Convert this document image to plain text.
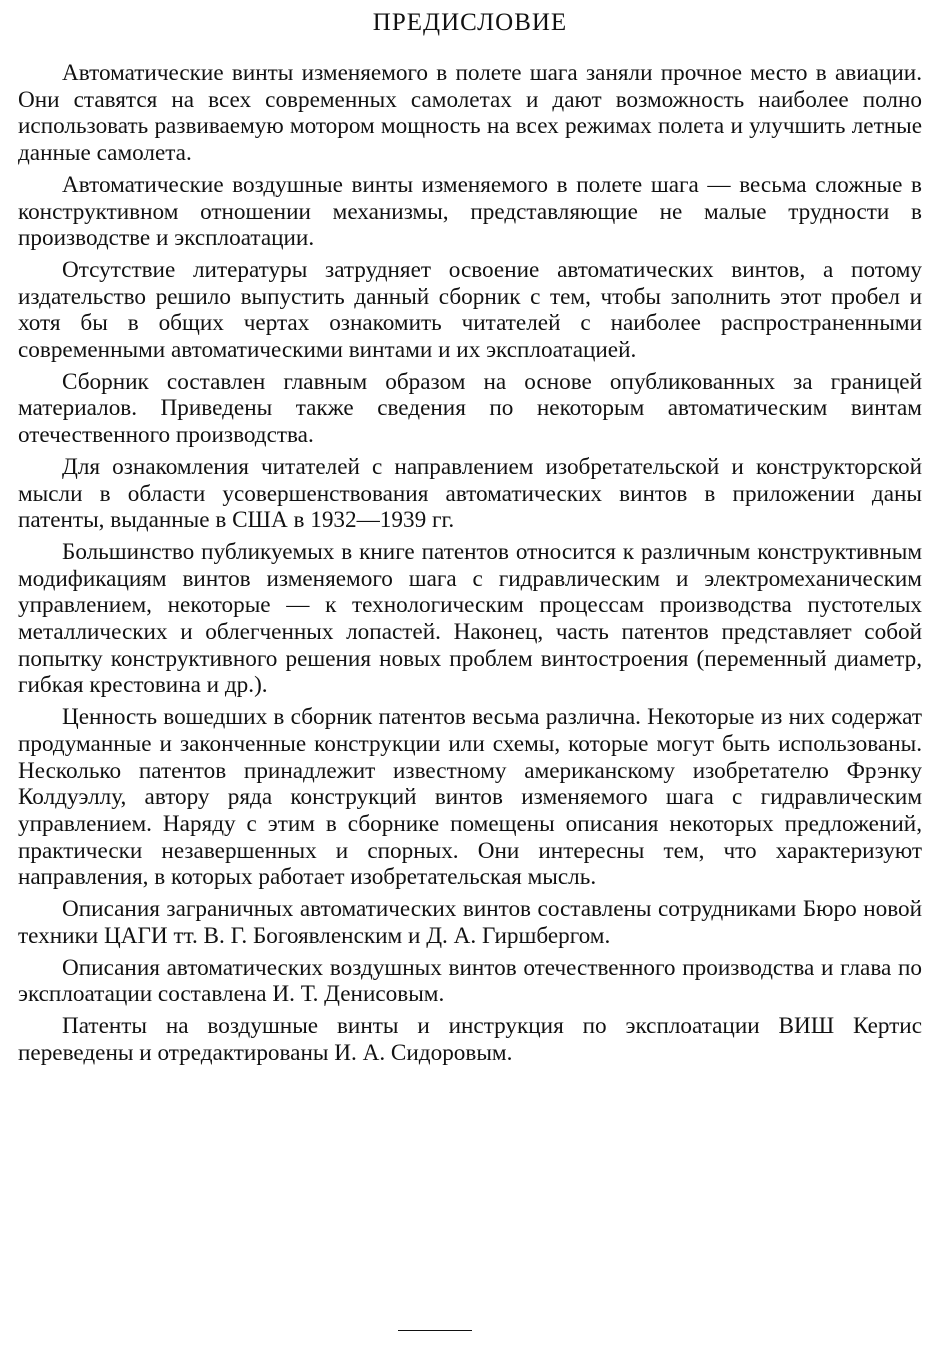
ПРЕДИСЛОВИЕ

Автоматические винты изменяемого в полете шага заняли прочное место в авиации. Они ставятся на всех современных самолетах и дают возможность наиболее полно использовать развиваемую мотором мощность на всех режимах полета и улучшить летные данные самолета.

Автоматические воздушные винты изменяемого в полете шага — весьма сложные в конструктивном отношении механизмы, представляющие не малые трудности в производстве и эксплоатации.

Отсутствие литературы затрудняет освоение автоматических винтов, а потому издательство решило выпустить данный сборник с тем, чтобы заполнить этот пробел и хотя бы в общих чертах ознакомить читателей с наиболее распространенными современными автоматическими винтами и их эксплоатацией.

Сборник составлен главным образом на основе опубликованных за границей материалов. Приведены также сведения по некоторым автоматическим винтам отечественного производства.

Для ознакомления читателей с направлением изобретательской и конструкторской мысли в области усовершенствования автоматических винтов в приложении даны патенты, выданные в США в 1932—1939 гг.

Большинство публикуемых в книге патентов относится к различным конструктивным модификациям винтов изменяемого шага с гидравлическим и электромеханическим управлением, некоторые — к технологическим процессам производства пустотелых металлических и облегченных лопастей. Наконец, часть патентов представляет собой попытку конструктивного решения новых проблем винтостроения (переменный диаметр, гибкая крестовина и др.).

Ценность вошедших в сборник патентов весьма различна. Некоторые из них содержат продуманные и законченные конструкции или схемы, которые могут быть использованы. Несколько патентов принадлежит известному американскому изобретателю Фрэнку Колдуэллу, автору ряда конструкций винтов изменяемого шага с гидравлическим управлением. Наряду с этим в сборнике помещены описания некоторых предложений, практически незавершенных и спорных. Они интересны тем, что характеризуют направления, в которых работает изобретательская мысль.

Описания заграничных автоматических винтов составлены сотрудниками Бюро новой техники ЦАГИ тт. В. Г. Богоявленским и Д. А. Гиршбергом.

Описания автоматических воздушных винтов отечественного производства и глава по эксплоатации составлена И. Т. Денисовым.

Патенты на воздушные винты и инструкция по эксплоатации ВИШ Кертис переведены и отредактированы И. А. Сидоровым.
